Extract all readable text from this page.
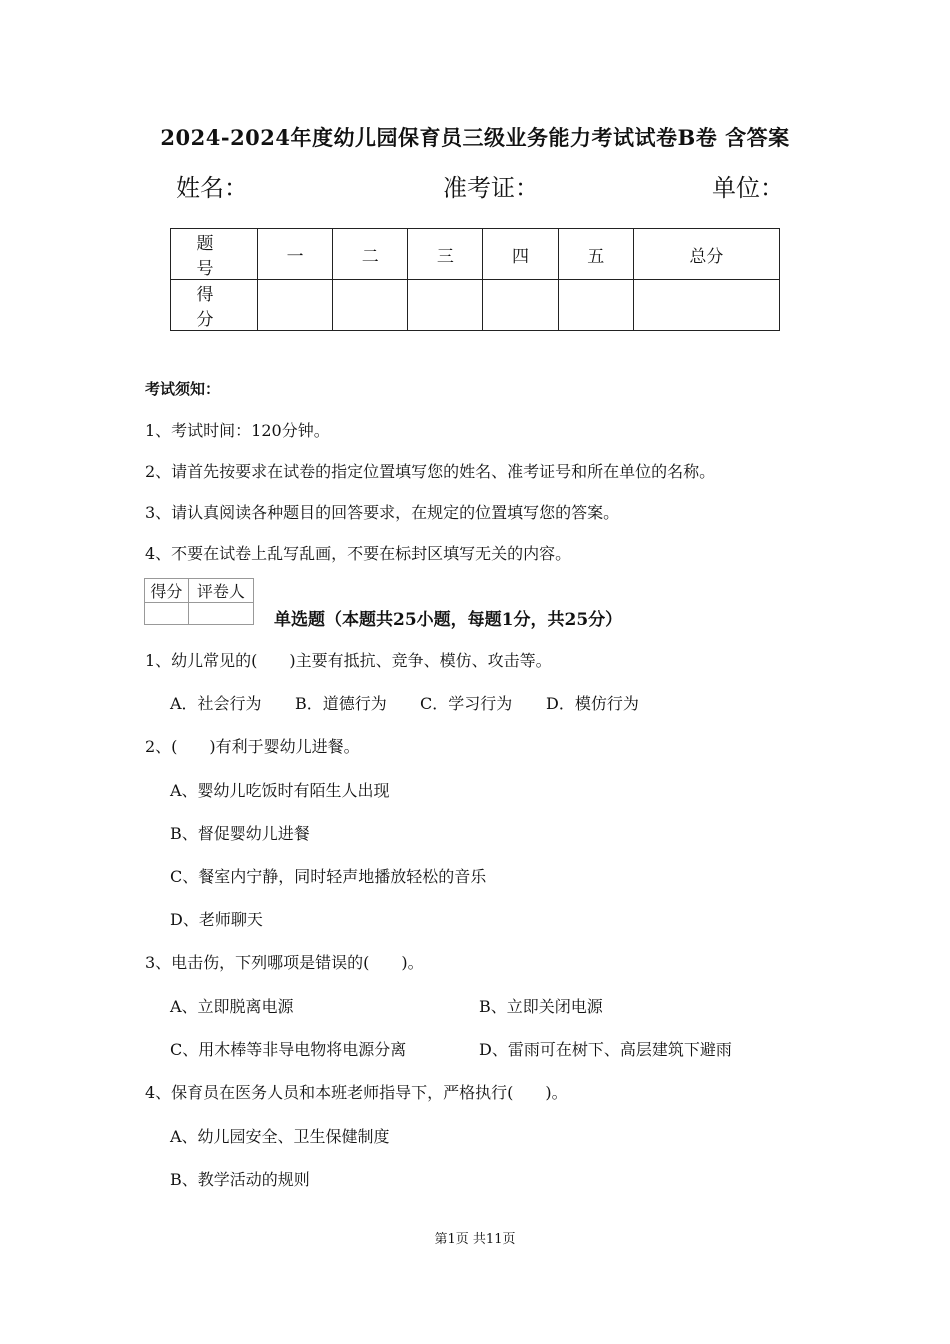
2024-2024年度幼儿园保育员三级业务能力考试试卷B卷 含答案
姓名：	准考证：	单位：
题 号	一	二	三	四	五	总分
得 分						
考试须知：
1、考试时间：120分钟。
2、请首先按要求在试卷的指定位置填写您的姓名、准考证号和所在单位的名称。
3、请认真阅读各种题目的回答要求，在规定的位置填写您的答案。
4、不要在试卷上乱写乱画，不要在标封区填写无关的内容。
得分	评卷人

单选题（本题共25小题，每题1分，共25分）
1、幼儿常见的(　　)主要有抵抗、竞争、模仿、攻击等。
A．社会行为 B．道德行为 C．学习行为 D．模仿行为
2、(　　)有利于婴幼儿进餐。
A、婴幼儿吃饭时有陌生人出现
B、督促婴幼儿进餐
C、餐室内宁静，同时轻声地播放轻松的音乐
D、老师聊天
3、电击伤，下列哪项是错误的(　　)。
A、立即脱离电源	B、立即关闭电源
C、用木棒等非导电物将电源分离	D、雷雨可在树下、高层建筑下避雨
4、保育员在医务人员和本班老师指导下，严格执行(　　)。
A、幼儿园安全、卫生保健制度
B、教学活动的规则
第1页 共11页
